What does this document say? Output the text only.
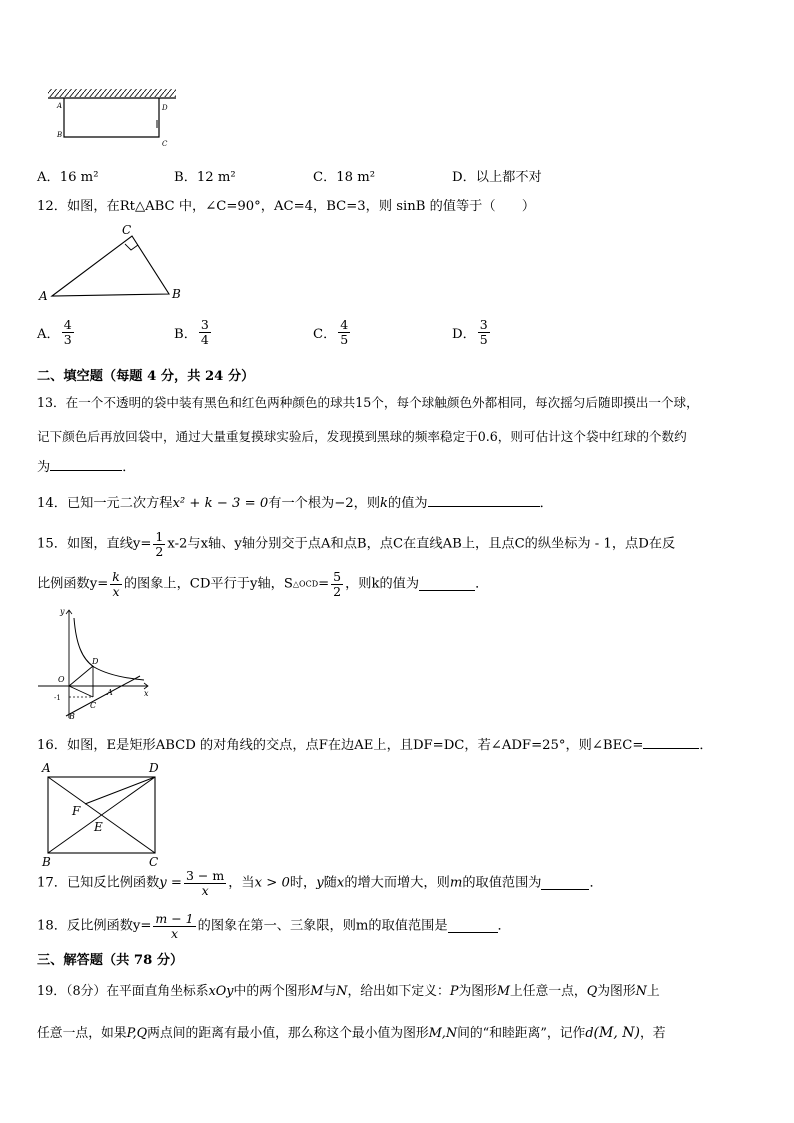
A
B
C
D
A．16 m²	B．12 m²	C．18 m²	D．以上都不对
12．如图，在Rt△ABC 中，∠C=90°，AC=4，BC=3，则 sinB 的值等于（　　）
C
A	B
A． $\frac{4}{3}$	B． $\frac{3}{4}$	C． $\frac{4}{5}$	D． $\frac{3}{5}$
二、填空题（每题 4 分，共 24 分）
13．在一个不透明的袋中装有黑色和红色两种颜色的球共15个，每个球触颜色外都相同，每次摇匀后随即摸出一个球，
记下颜色后再放回袋中，通过大量重复摸球实验后，发现摸到黑球的频率稳定于0.6，则可估计这个袋中红球的个数约
为	．
14．已知一元二次方程x² + k − 3 = 0有一个根为−2，则k的值为	．
15．如图，直线$y= \frac{1}{2} x-2$与x轴、y轴分别交于点A和点B，点C在直线AB上，且点C的纵坐标为 - 1，点D在反
比例函数$y= \frac{k}{x}$ 的图象上，CD平行于y轴，S△OCD= $\frac{5}{2}$ ，则k的值为	．
y
D
O
-1
A	x
C
B
16．如图，E是矩形ABCD 的对角线的交点，点F在边AE上，且DF=DC，若∠ADF=25°，则∠BEC=	．
A	D
F
E
B	C
17．已知反比例函数$y = \frac{3 - m}{x}$ ，当x > 0时，y随x的增大而增大，则m的取值范围为	．
18．反比例函数$y= \frac{m - 1}{x}$ 的图象在第一、三象限，则m的取值范围是	．
三、解答题（共 78 分）
19．（8分）在平面直角坐标系xOy中的两个图形M与N，给出如下定义：P为图形M上任意一点，Q为图形N上
任意一点，如果P,Q两点间的距离有最小值，那么称这个最小值为图形M,N间的“和睦距离”，记作d(M, N)，若
